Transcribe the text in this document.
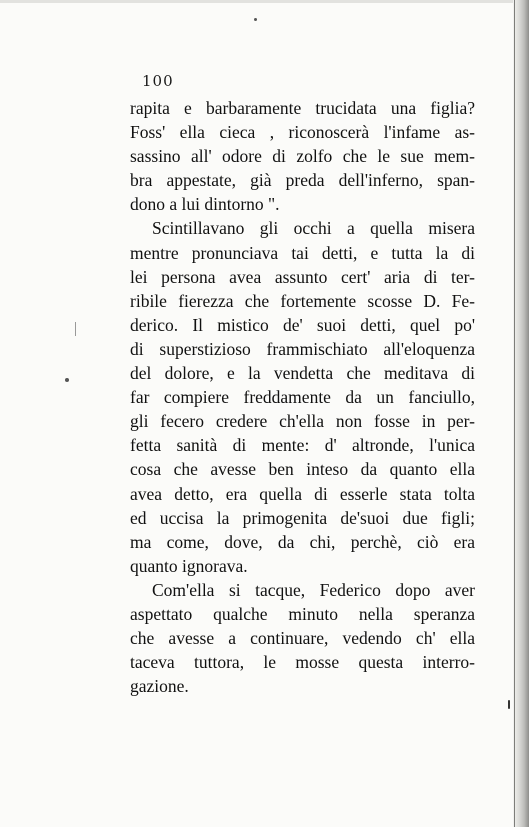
100
rapita e barbaramente trucidata una figlia?
Foss' ella cieca , riconoscerà l'infame as-
sassino all' odore di zolfo che le sue mem-
bra appestate, già preda dell'inferno, span-
dono a lui dintorno ".
Scintillavano gli occhi a quella misera
mentre pronunciava tai detti, e tutta la di
lei persona avea assunto cert' aria di ter-
ribile fierezza che fortemente scosse D. Fe-
derico. Il mistico de' suoi detti, quel po'
di superstizioso frammischiato all'eloquenza
del dolore, e la vendetta che meditava di
far compiere freddamente da un fanciullo,
gli fecero credere ch'ella non fosse in per-
fetta sanità di mente: d' altronde, l'unica
cosa che avesse ben inteso da quanto ella
avea detto, era quella di esserle stata tolta
ed uccisa la primogenita de'suoi due figli;
ma come, dove, da chi, perchè, ciò era
quanto ignorava.
Com'ella si tacque, Federico dopo aver
aspettato qualche minuto nella speranza
che avesse a continuare, vedendo ch' ella
taceva tuttora, le mosse questa interro-
gazione.
